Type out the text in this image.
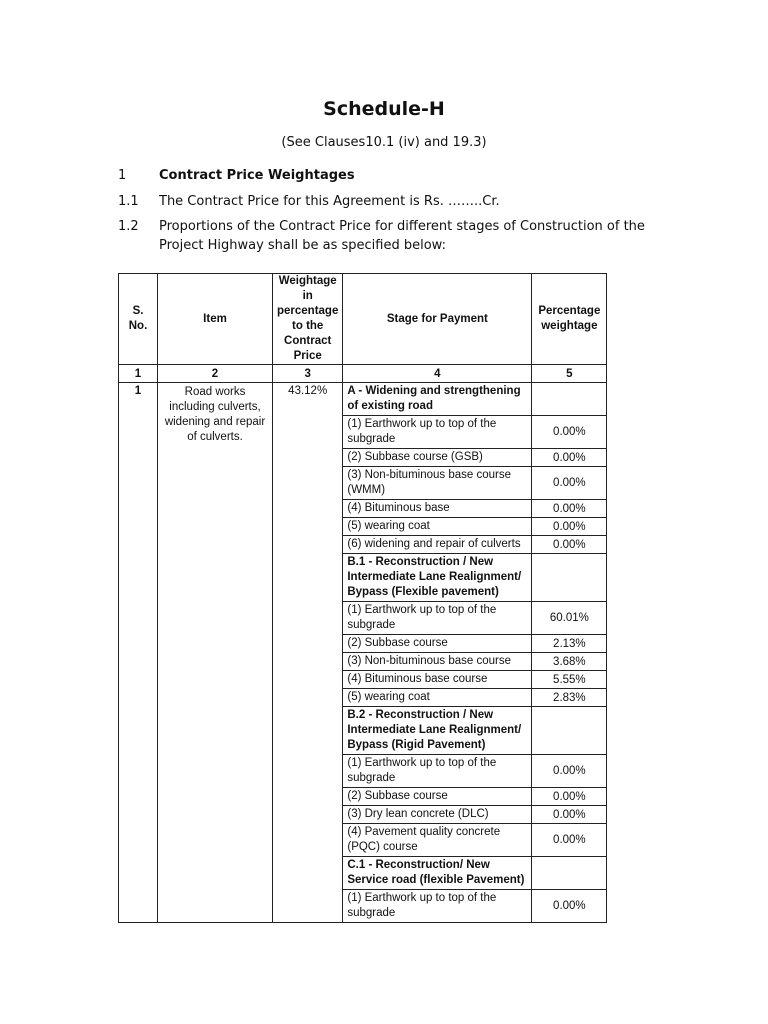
Schedule-H
(See Clauses10.1 (iv) and 19.3)
1	Contract Price Weightages
1.1	The Contract Price for this Agreement is Rs. ……..Cr.
1.2	Proportions of the Contract Price for different stages of Construction of the Project Highway shall be as specified below:
S. No.	Item	Weightage in percentage to the Contract Price	Stage for Payment	Percentage weightage
1	2	3	4	5
1	Road works including culverts, widening and repair of culverts.	43.12%	A - Widening and strengthening of existing road	
			(1) Earthwork up to top of the subgrade	0.00%
			(2) Subbase course (GSB)	0.00%
			(3) Non-bituminous base course (WMM)	0.00%
			(4) Bituminous base	0.00%
			(5) wearing coat	0.00%
			(6) widening and repair of culverts	0.00%
			B.1 - Reconstruction / New Intermediate Lane Realignment/ Bypass (Flexible pavement)	
			(1) Earthwork up to top of the subgrade	60.01%
			(2) Subbase course	2.13%
			(3) Non-bituminous base course	3.68%
			(4) Bituminous base course	5.55%
			(5) wearing coat	2.83%
			B.2 - Reconstruction / New Intermediate Lane Realignment/ Bypass (Rigid Pavement)	
			(1) Earthwork up to top of the subgrade	0.00%
			(2) Subbase course	0.00%
			(3) Dry lean concrete (DLC)	0.00%
			(4) Pavement quality concrete (PQC) course	0.00%
			C.1 - Reconstruction/ New Service road (flexible Pavement)	
			(1) Earthwork up to top of the subgrade	0.00%
